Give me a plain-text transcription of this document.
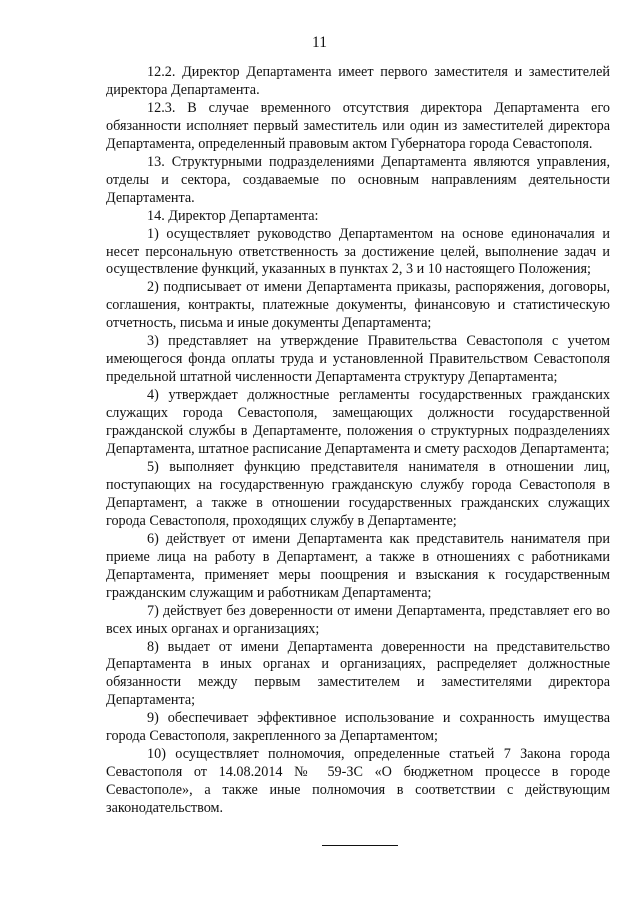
11

12.2. Директор Департамента имеет первого заместителя и заместителей директора Департамента.

12.3. В случае временного отсутствия директора Департамента его обязанности исполняет первый заместитель или один из заместителей директора Департамента, определенный правовым актом Губернатора города Севастополя.

13. Структурными подразделениями Департамента являются управления, отделы и сектора, создаваемые по основным направлениям деятельности Департамента.

14. Директор Департамента:

1) осуществляет руководство Департаментом на основе единоначалия и несет персональную ответственность за достижение целей, выполнение задач и осуществление функций, указанных в пунктах 2, 3 и 10 настоящего Положения;

2) подписывает от имени Департамента приказы, распоряжения, договоры, соглашения, контракты, платежные документы, финансовую и статистическую отчетность, письма и иные документы Департамента;

3) представляет на утверждение Правительства Севастополя с учетом имеющегося фонда оплаты труда и установленной Правительством Севастополя предельной штатной численности Департамента структуру Департамента;

4) утверждает должностные регламенты государственных гражданских служащих города Севастополя, замещающих должности государственной гражданской службы в Департаменте, положения о структурных подразделениях Департамента, штатное расписание Департамента и смету расходов Департамента;

5) выполняет функцию представителя нанимателя в отношении лиц, поступающих на государственную гражданскую службу города Севастополя в Департамент, а также в отношении государственных гражданских служащих города Севастополя, проходящих службу в Департаменте;

6) действует от имени Департамента как представитель нанимателя при приеме лица на работу в Департамент, а также в отношениях с работниками Департамента, применяет меры поощрения и взыскания к государственным гражданским служащим и работникам Департамента;

7) действует без доверенности от имени Департамента, представляет его во всех иных органах и организациях;

8) выдает от имени Департамента доверенности на представительство Департамента в иных органах и организациях, распределяет должностные обязанности между первым заместителем и заместителями директора Департамента;

9) обеспечивает эффективное использование и сохранность имущества города Севастополя, закрепленного за Департаментом;

10) осуществляет полномочия, определенные статьей 7 Закона города Севастополя от 14.08.2014 № 59-ЗС «О бюджетном процессе в городе Севастополе», а также иные полномочия в соответствии с действующим законодательством.
